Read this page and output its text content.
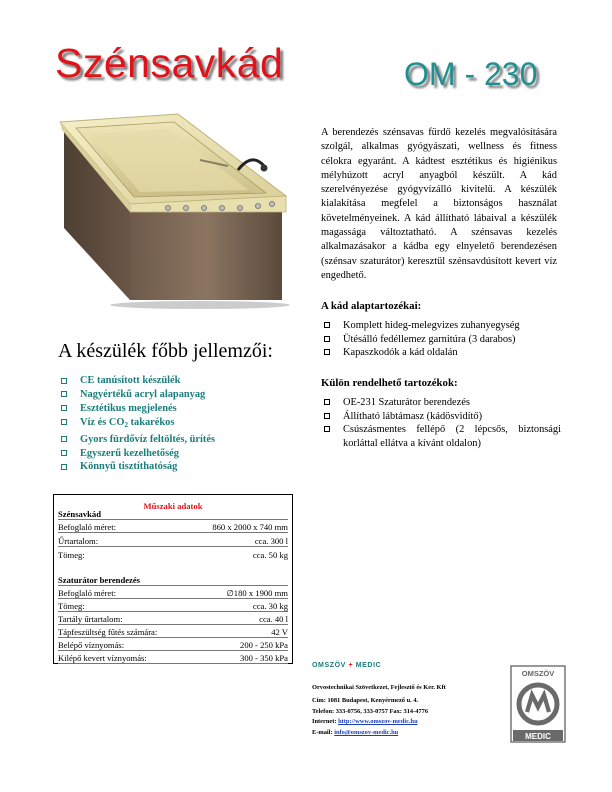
Szénsavkád	OM - 230
A berendezés szénsavas fürdő kezelés megvalósítására szolgál, alkalmas gyógyászati, wellness és fitness célokra egyaránt. A kádtest esztétikus és higiénikus mélyhúzott acryl anyagból készült. A kád szerelvényezése gyógyvízálló kivitelű. A készülék kialakítása megfelel a biztonságos használat követelményeinek. A kád állítható lábaival a készülék magassága változtatható. A szénsavas kezelés alkalmazásakor a kádba egy elnyelető berendezésen (szénsav szaturátor) keresztül szénsavdúsított kevert víz engedhető.
A kád alaptartozékai:
Komplett hideg-melegvizes zuhanyegység
Ütésálló fedéllemez garnitúra (3 darabos)
Kapaszkodók a kád oldalán
Külön rendelhető tartozékok:
OE-231 Szaturátor berendezés
Állítható lábtámasz (kádösvidítő)
Csúszásmentes fellépő (2 lépcsős, biztonsági korláttal ellátva a kívánt oldalon)
A készülék főbb jellemzői:
CE tanúsított készülék
Nagyértékű acryl alapanyag
Esztétikus megjelenés
Víz és CO2 takarékos
Gyors fürdővíz feltöltés, ürítés
Egyszerű kezelhetőség
Könnyű tisztíthatóság
Műszaki adatok
Szénsavkád

Befoglaló méret:	860 x 2000 x 740 mm

Űrtartalom:	cca. 300 l

Tömeg:	cca. 50 kg

Szaturátor berendezés

Befoglaló méret:	∅180 x 1900 mm

Tömeg:	cca. 30 kg

Tartály űrtartalom:	cca. 40 l

Tápfeszültség fűtés számára:	42 V

Belépő víznyomás:	200 - 250 kPa

Kilépő kevert víznyomás:	300 - 350 kPa

OMSZÖV + MEDIC
Orvostechnikai Szövetkezet, Fejlesztő és Ker. Kft
Cím: 1081 Budapest, Kenyérmező u. 4.
Telefon: 333-0756, 333-0757 Fax: 314-4776
Internet: http://www.omszov-medic.hu
E-mail: info@omszov-medic.hu
OMSZÖV
MEDIC
